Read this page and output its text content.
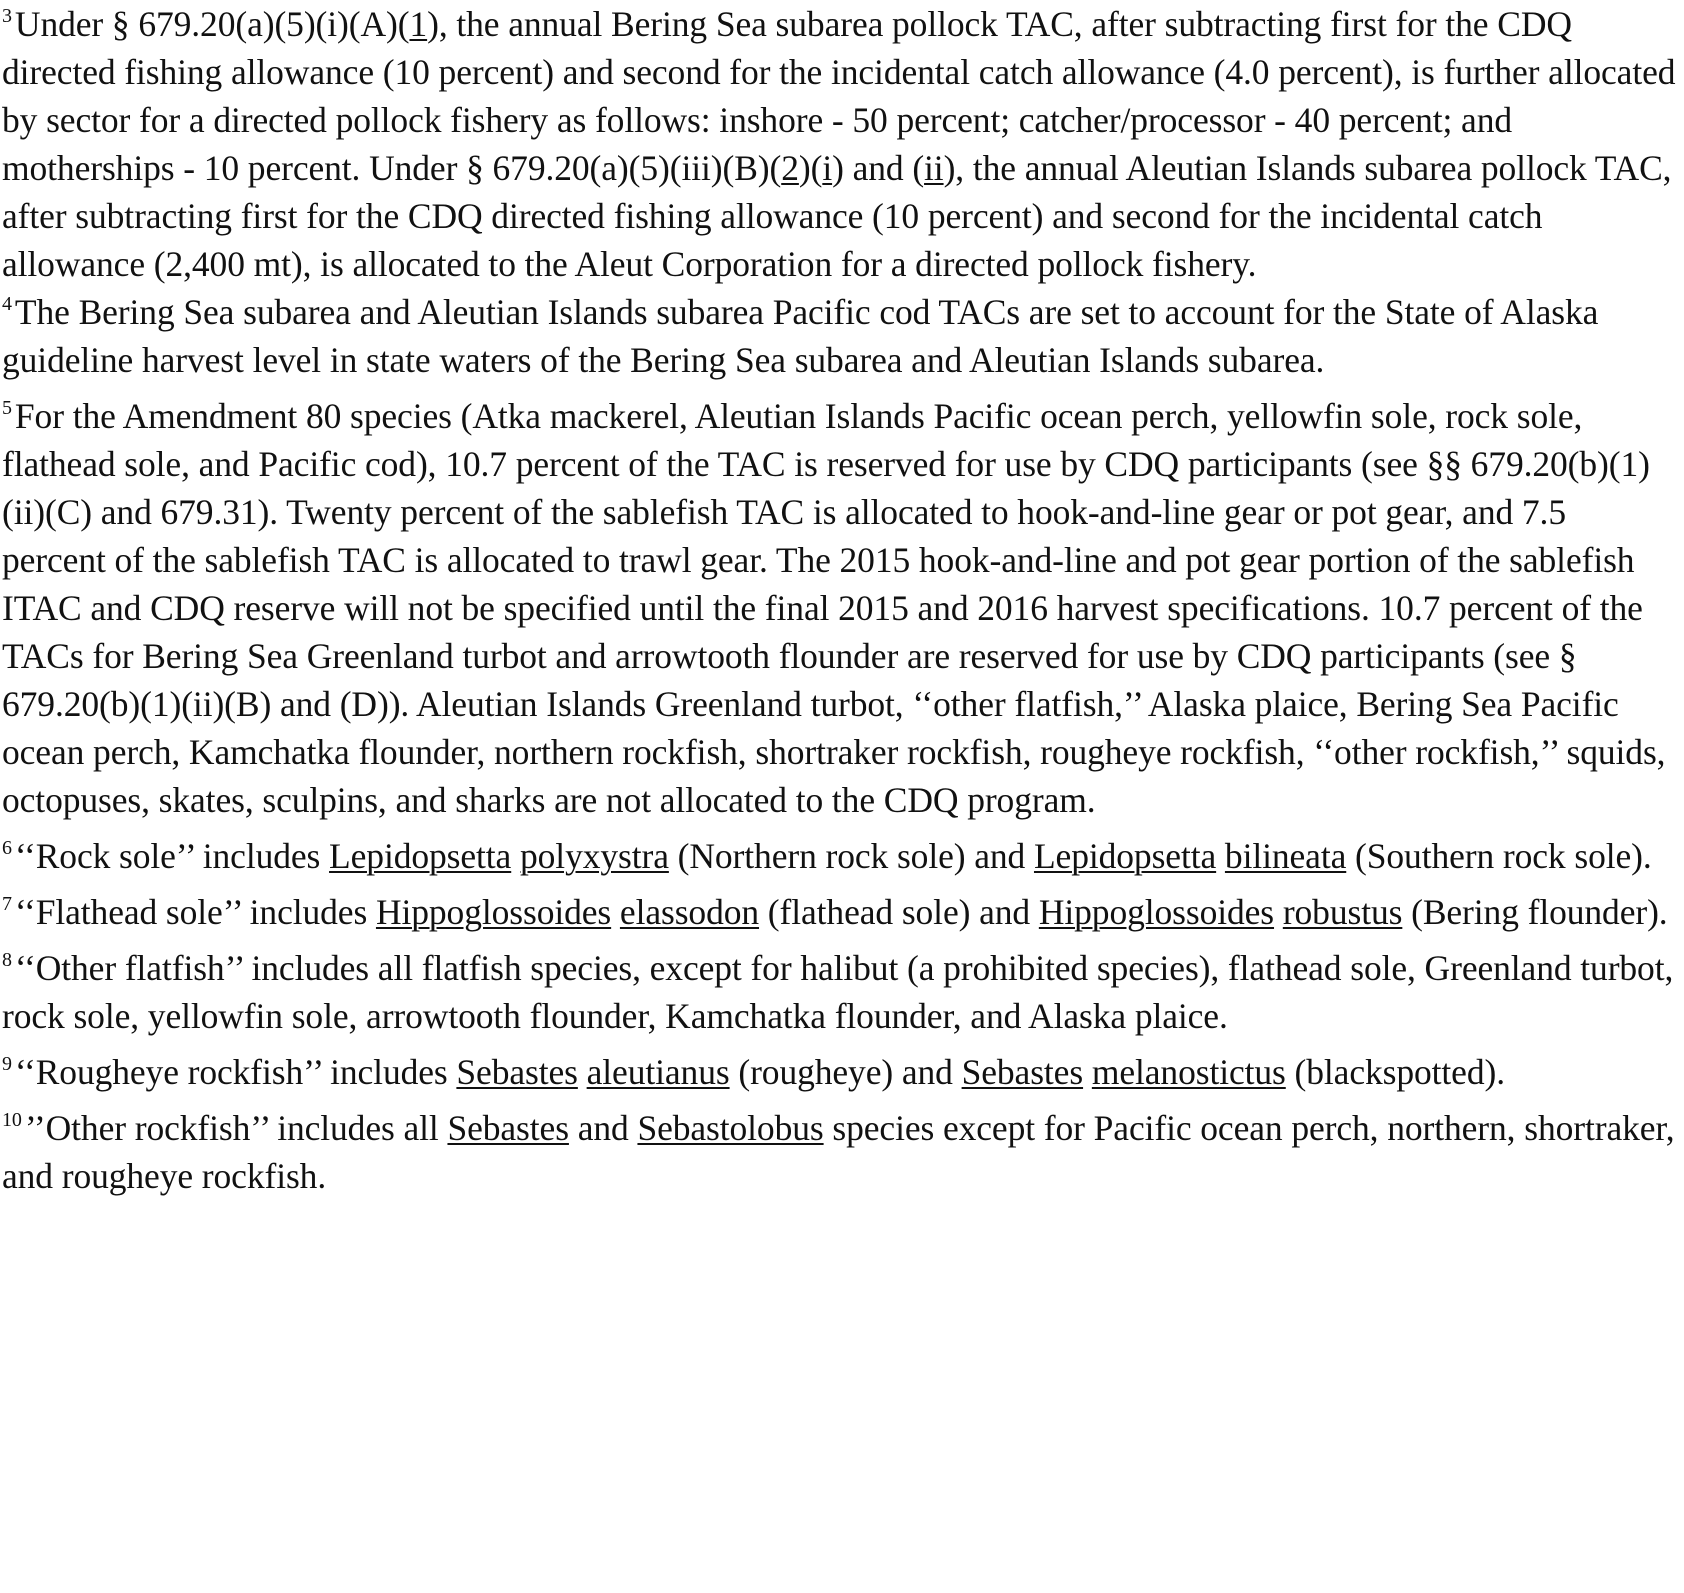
$^3$Under § 679.20(a)(5)(i)(A)(1), the annual Bering Sea subarea pollock TAC, after subtracting first for the CDQ directed fishing allowance (10 percent) and second for the incidental catch allowance (4.0 percent), is further allocated by sector for a directed pollock fishery as follows: inshore - 50 percent; catcher/processor - 40 percent; and motherships - 10 percent. Under § 679.20(a)(5)(iii)(B)(2)(i) and (ii), the annual Aleutian Islands subarea pollock TAC, after subtracting first for the CDQ directed fishing allowance (10 percent) and second for the incidental catch allowance (2,400 mt), is allocated to the Aleut Corporation for a directed pollock fishery.

$^4$The Bering Sea subarea and Aleutian Islands subarea Pacific cod TACs are set to account for the State of Alaska guideline harvest level in state waters of the Bering Sea subarea and Aleutian Islands subarea.

$^5$For the Amendment 80 species (Atka mackerel, Aleutian Islands Pacific ocean perch, yellowfin sole, rock sole, flathead sole, and Pacific cod), 10.7 percent of the TAC is reserved for use by CDQ participants (see §§ 679.20(b)(1)(ii)(C) and 679.31). Twenty percent of the sablefish TAC is allocated to hook-and-line gear or pot gear, and 7.5 percent of the sablefish TAC is allocated to trawl gear. The 2015 hook-and-line and pot gear portion of the sablefish ITAC and CDQ reserve will not be specified until the final 2015 and 2016 harvest specifications. 10.7 percent of the TACs for Bering Sea Greenland turbot and arrowtooth flounder are reserved for use by CDQ participants (see § 679.20(b)(1)(ii)(B) and (D)). Aleutian Islands Greenland turbot, ‘‘other flatfish,’’ Alaska plaice, Bering Sea Pacific ocean perch, Kamchatka flounder, northern rockfish, shortraker rockfish, rougheye rockfish, ‘‘other rockfish,’’ squids, octopuses, skates, sculpins, and sharks are not allocated to the CDQ program.

$^6$‘‘Rock sole’’ includes Lepidopsetta polyxystra (Northern rock sole) and Lepidopsetta bilineata (Southern rock sole).

$^7$‘‘Flathead sole’’ includes Hippoglossoides elassodon (flathead sole) and Hippoglossoides robustus (Bering flounder).

$^8$‘‘Other flatfish’’ includes all flatfish species, except for halibut (a prohibited species), flathead sole, Greenland turbot, rock sole, yellowfin sole, arrowtooth flounder, Kamchatka flounder, and Alaska plaice.

$^9$‘‘Rougheye rockfish’’ includes Sebastes aleutianus (rougheye) and Sebastes melanostictus (blackspotted).

$^{10}$’’Other rockfish’’ includes all Sebastes and Sebastolobus species except for Pacific ocean perch, northern, shortraker, and rougheye rockfish.
